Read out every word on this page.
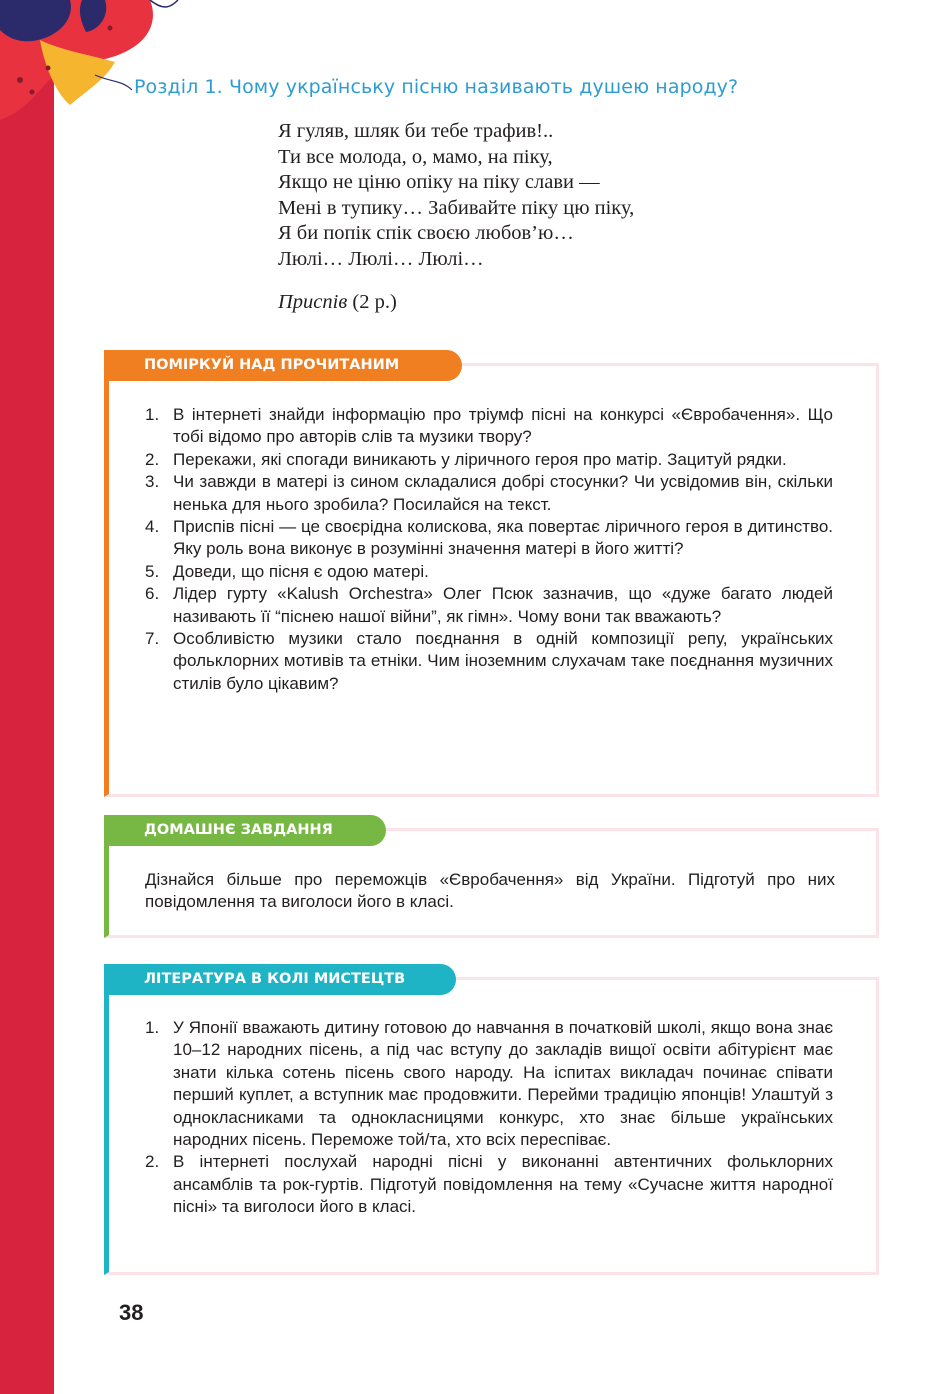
Розділ 1. Чому українську пісню називають душею народу?
Я гуляв, шляк би тебе трафив!..
Ти все молода, о, мамо, на піку,
Якщо не ціню опіку на піку слави —
Мені в тупику… Забивайте піку цю піку,
Я би попік спік своєю любов’ю…
Люлі… Люлі… Люлі…
Приспів (2 р.)
ПОМІРКУЙ НАД ПРОЧИТАНИМ
1. В інтернеті знайди інформацію про тріумф пісні на конкурсі «Євробачення». Що тобі відомо про авторів слів та музики твору?
2. Перекажи, які спогади виникають у ліричного героя про матір. Зацитуй рядки.
3. Чи завжди в матері із сином складалися добрі стосунки? Чи усвідомив він, скільки ненька для нього зробила? Посилайся на текст.
4. Приспів пісні — це своєрідна колискова, яка повертає ліричного героя в дитинство. Яку роль вона виконує в розумінні значення матері в його житті?
5. Доведи, що пісня є одою матері.
6. Лідер гурту «Kalush Orchestra» Олег Псюк зазначив, що «дуже багато людей називають її “піснею нашої війни”, як гімн». Чому вони так вважають?
7. Особливістю музики стало поєднання в одній композиції репу, українських фольклорних мотивів та етніки. Чим іноземним слухачам таке поєднання музичних стилів було цікавим?
ДОМАШНЄ ЗАВДАННЯ
Дізнайся більше про переможців «Євробачення» від України. Підготуй про них повідомлення та виголоси його в класі.
ЛІТЕРАТУРА В КОЛІ МИСТЕЦТВ
1. У Японії вважають дитину готовою до навчання в початковій школі, якщо вона знає 10–12 народних пісень, а під час вступу до закладів вищої освіти абітурієнт має знати кілька сотень пісень свого народу. На іспитах викладач починає співати перший куплет, а вступник має продовжити. Перейми традицію японців! Улаштуй з однокласниками та однокласницями конкурс, хто знає більше українських народних пісень. Переможе той/та, хто всіх переспіває.
2. В інтернеті послухай народні пісні у виконанні автентичних фольклорних ансамблів та рок-гуртів. Підготуй повідомлення на тему «Сучасне життя народної пісні» та виголоси його в класі.
38
